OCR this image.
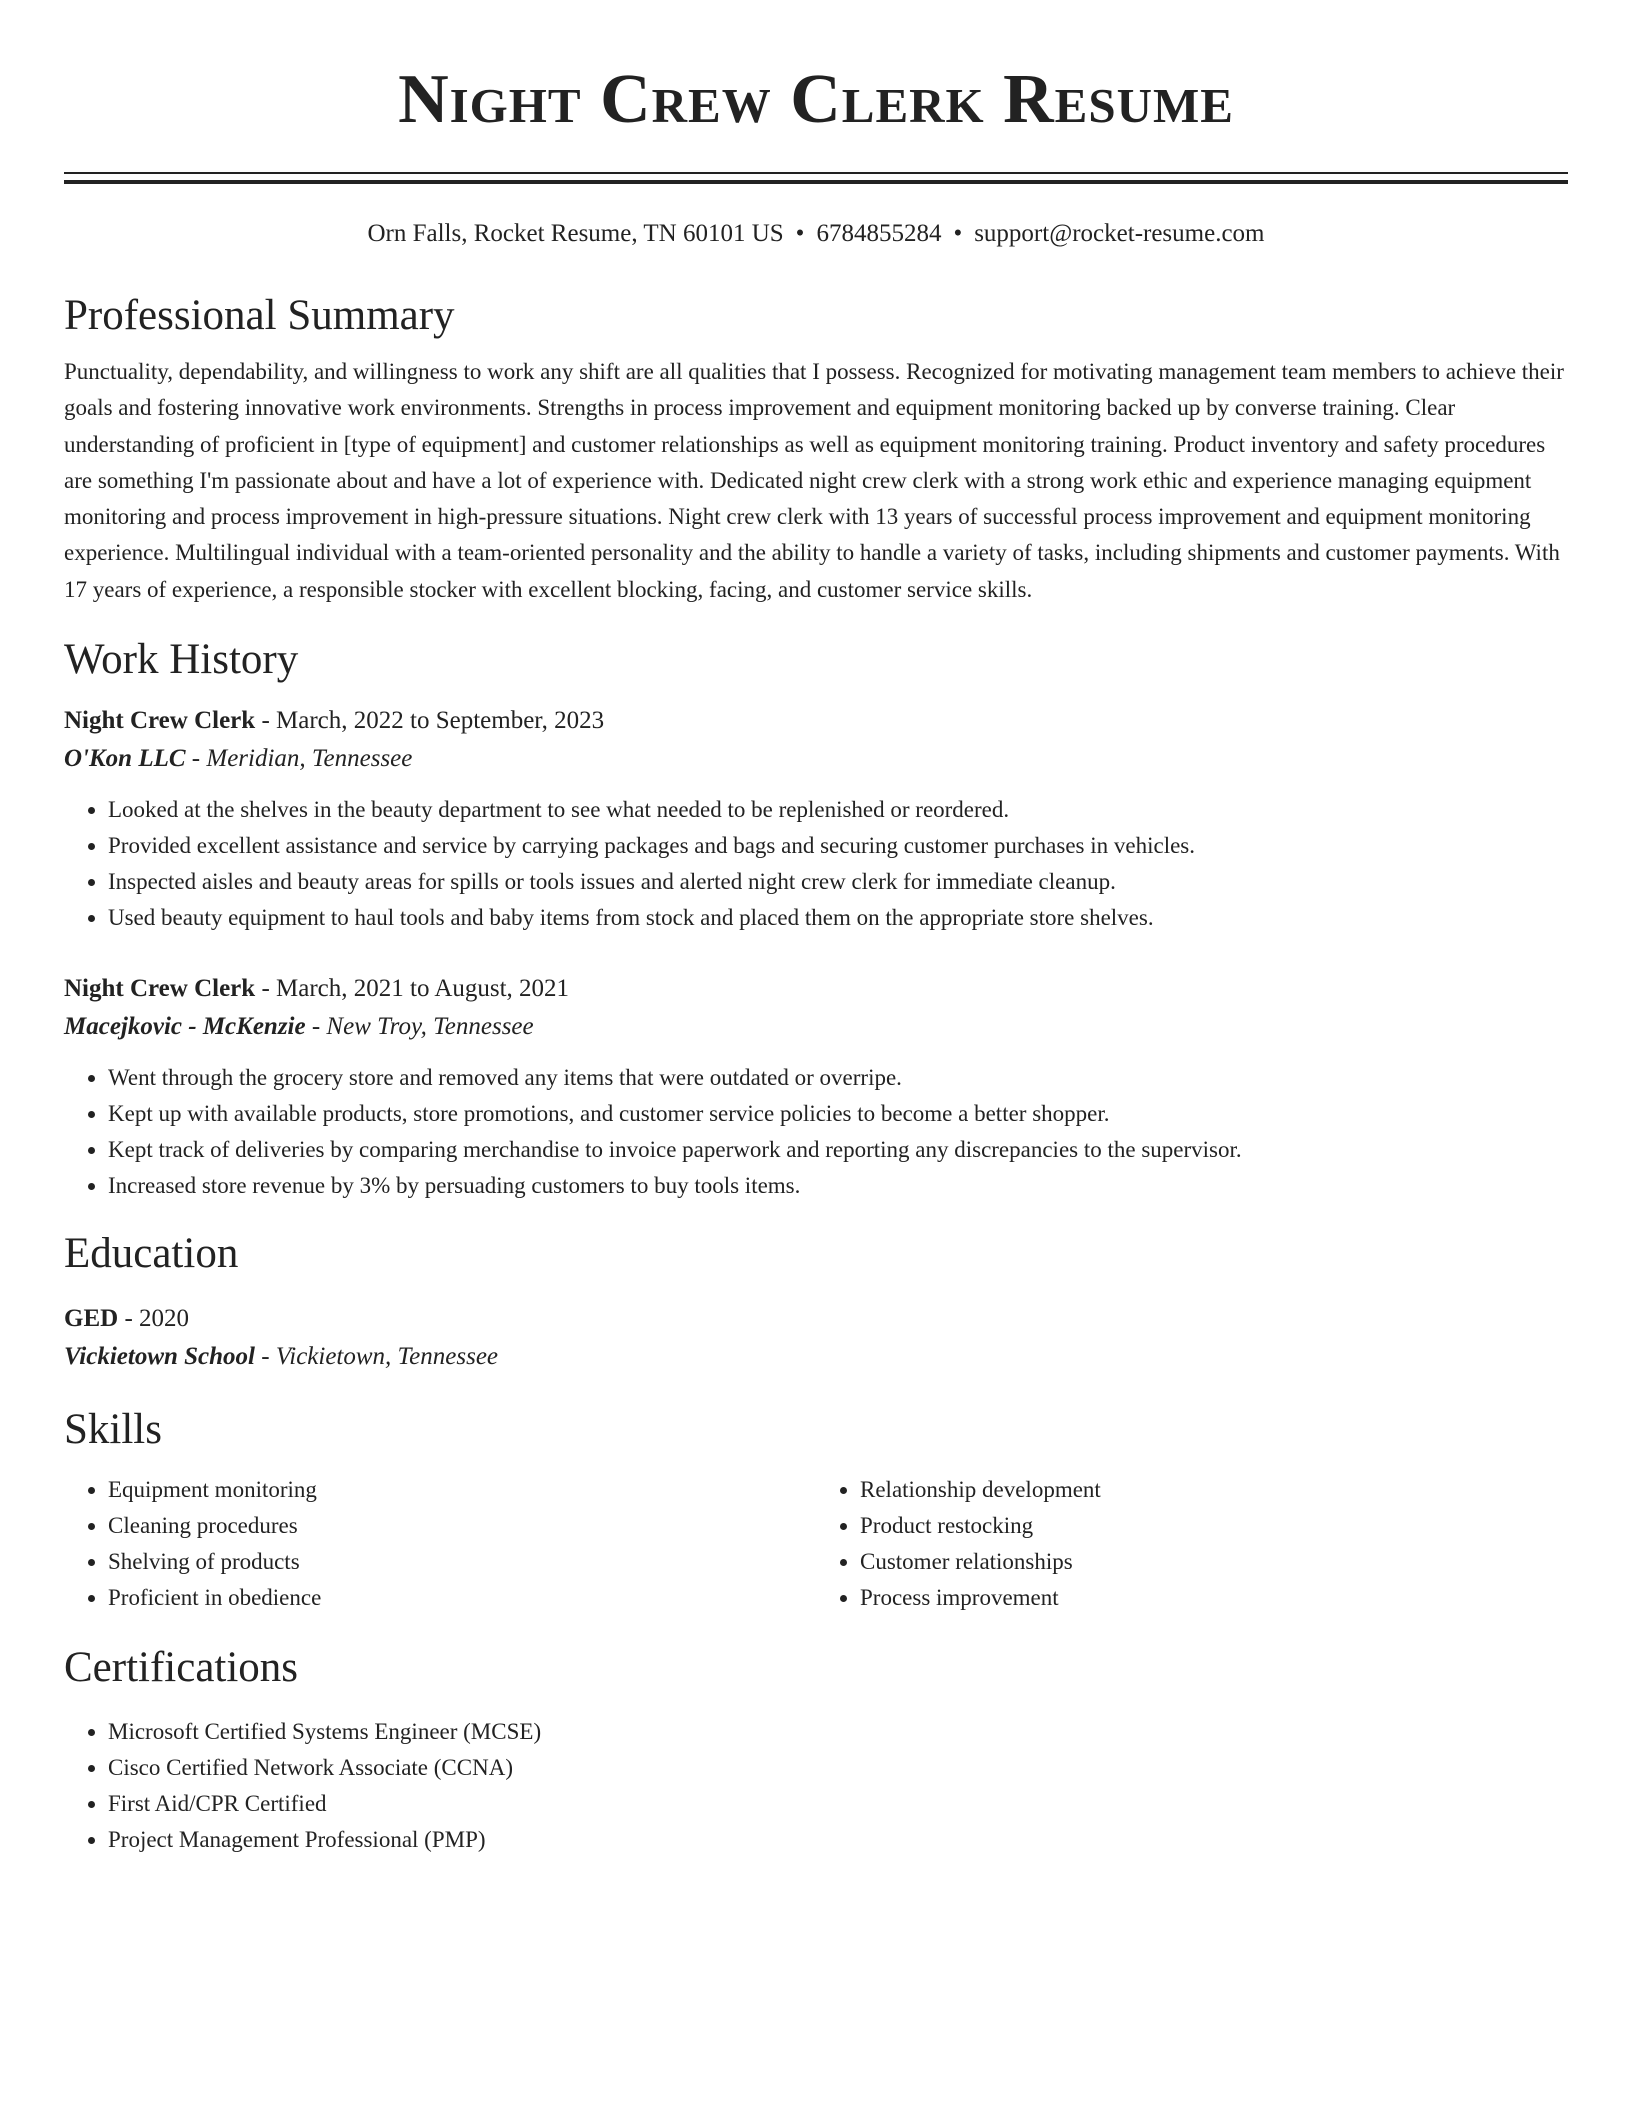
Night Crew Clerk Resume
Orn Falls, Rocket Resume, TN 60101 US • 6784855284 • support@rocket-resume.com
Professional Summary
Punctuality, dependability, and willingness to work any shift are all qualities that I possess. Recognized for motivating management team members to achieve their goals and fostering innovative work environments. Strengths in process improvement and equipment monitoring backed up by converse training. Clear understanding of proficient in [type of equipment] and customer relationships as well as equipment monitoring training. Product inventory and safety procedures are something I'm passionate about and have a lot of experience with. Dedicated night crew clerk with a strong work ethic and experience managing equipment monitoring and process improvement in high-pressure situations. Night crew clerk with 13 years of successful process improvement and equipment monitoring experience. Multilingual individual with a team-oriented personality and the ability to handle a variety of tasks, including shipments and customer payments. With 17 years of experience, a responsible stocker with excellent blocking, facing, and customer service skills.
Work History
Night Crew Clerk - March, 2022 to September, 2023
O'Kon LLC - Meridian, Tennessee
• Looked at the shelves in the beauty department to see what needed to be replenished or reordered.
• Provided excellent assistance and service by carrying packages and bags and securing customer purchases in vehicles.
• Inspected aisles and beauty areas for spills or tools issues and alerted night crew clerk for immediate cleanup.
• Used beauty equipment to haul tools and baby items from stock and placed them on the appropriate store shelves.
Night Crew Clerk - March, 2021 to August, 2021
Macejkovic - McKenzie - New Troy, Tennessee
• Went through the grocery store and removed any items that were outdated or overripe.
• Kept up with available products, store promotions, and customer service policies to become a better shopper.
• Kept track of deliveries by comparing merchandise to invoice paperwork and reporting any discrepancies to the supervisor.
• Increased store revenue by 3% by persuading customers to buy tools items.
Education
GED - 2020
Vickietown School - Vickietown, Tennessee
Skills
• Equipment monitoring
• Cleaning procedures
• Shelving of products
• Proficient in obedience
• Relationship development
• Product restocking
• Customer relationships
• Process improvement
Certifications
• Microsoft Certified Systems Engineer (MCSE)
• Cisco Certified Network Associate (CCNA)
• First Aid/CPR Certified
• Project Management Professional (PMP)
